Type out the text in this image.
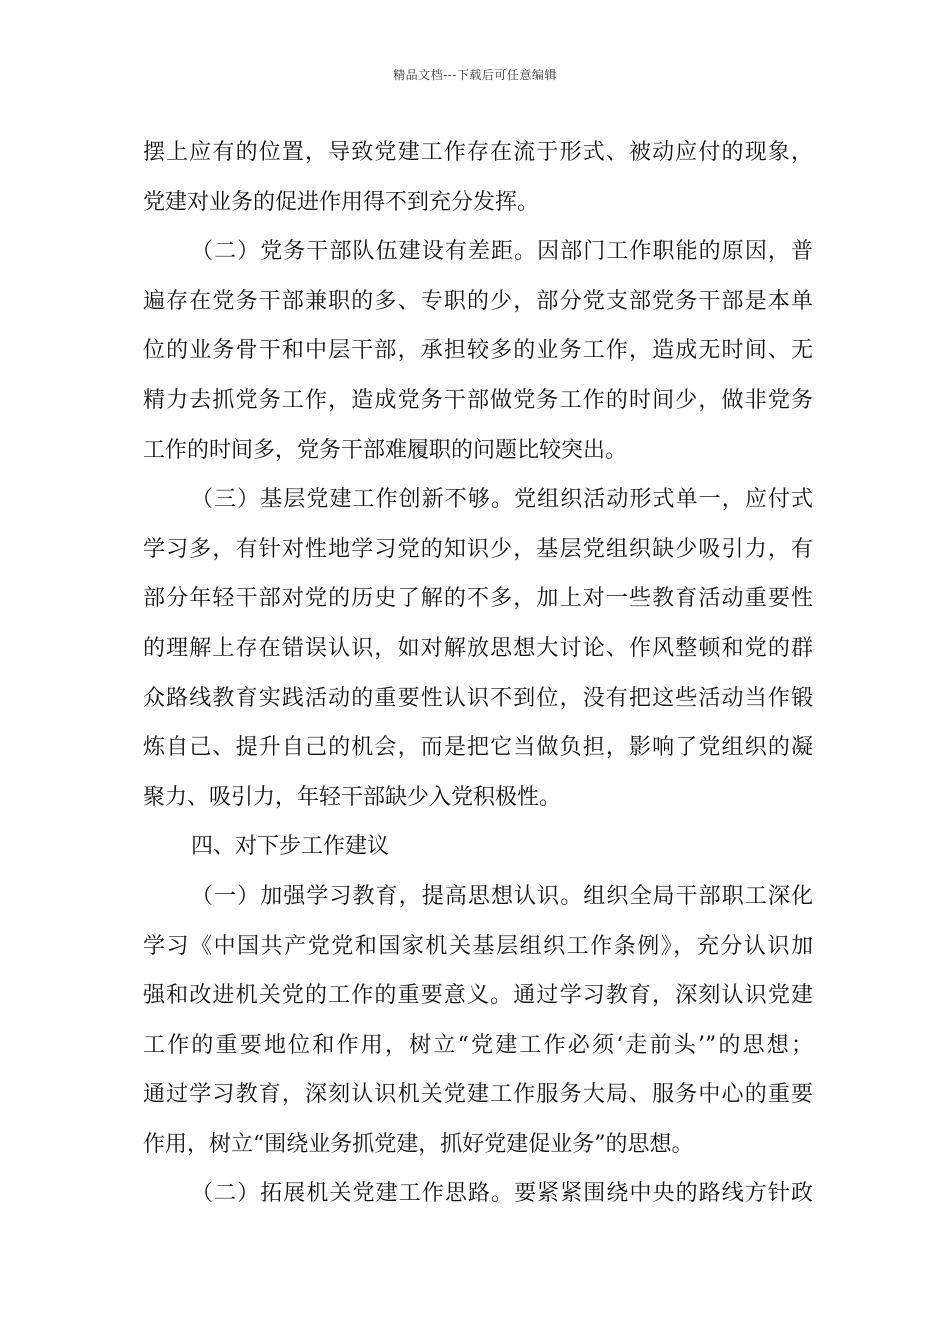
精品文档---下载后可任意编辑
摆上应有的位置，导致党建工作存在流于形式、被动应付的现象，
党建对业务的促进作用得不到充分发挥。
（二）党务干部队伍建设有差距。因部门工作职能的原因，普
遍存在党务干部兼职的多、专职的少，部分党支部党务干部是本单
位的业务骨干和中层干部，承担较多的业务工作，造成无时间、无
精力去抓党务工作，造成党务干部做党务工作的时间少，做非党务
工作的时间多，党务干部难履职的问题比较突出。
（三）基层党建工作创新不够。党组织活动形式单一，应付式
学习多，有针对性地学习党的知识少，基层党组织缺少吸引力，有
部分年轻干部对党的历史了解的不多，加上对一些教育活动重要性
的理解上存在错误认识，如对解放思想大讨论、作风整顿和党的群
众路线教育实践活动的重要性认识不到位，没有把这些活动当作锻
炼自己、提升自己的机会，而是把它当做负担，影响了党组织的凝
聚力、吸引力，年轻干部缺少入党积极性。
四、对下步工作建议
（一）加强学习教育，提高思想认识。组织全局干部职工深化
学习《中国共产党党和国家机关基层组织工作条例》，充分认识加
强和改进机关党的工作的重要意义。通过学习教育，深刻认识党建
工作的重要地位和作用，树立“党建工作必须‘走前头’”的思想；
通过学习教育，深刻认识机关党建工作服务大局、服务中心的重要
作用，树立“围绕业务抓党建，抓好党建促业务”的思想。
（二）拓展机关党建工作思路。要紧紧围绕中央的路线方针政
